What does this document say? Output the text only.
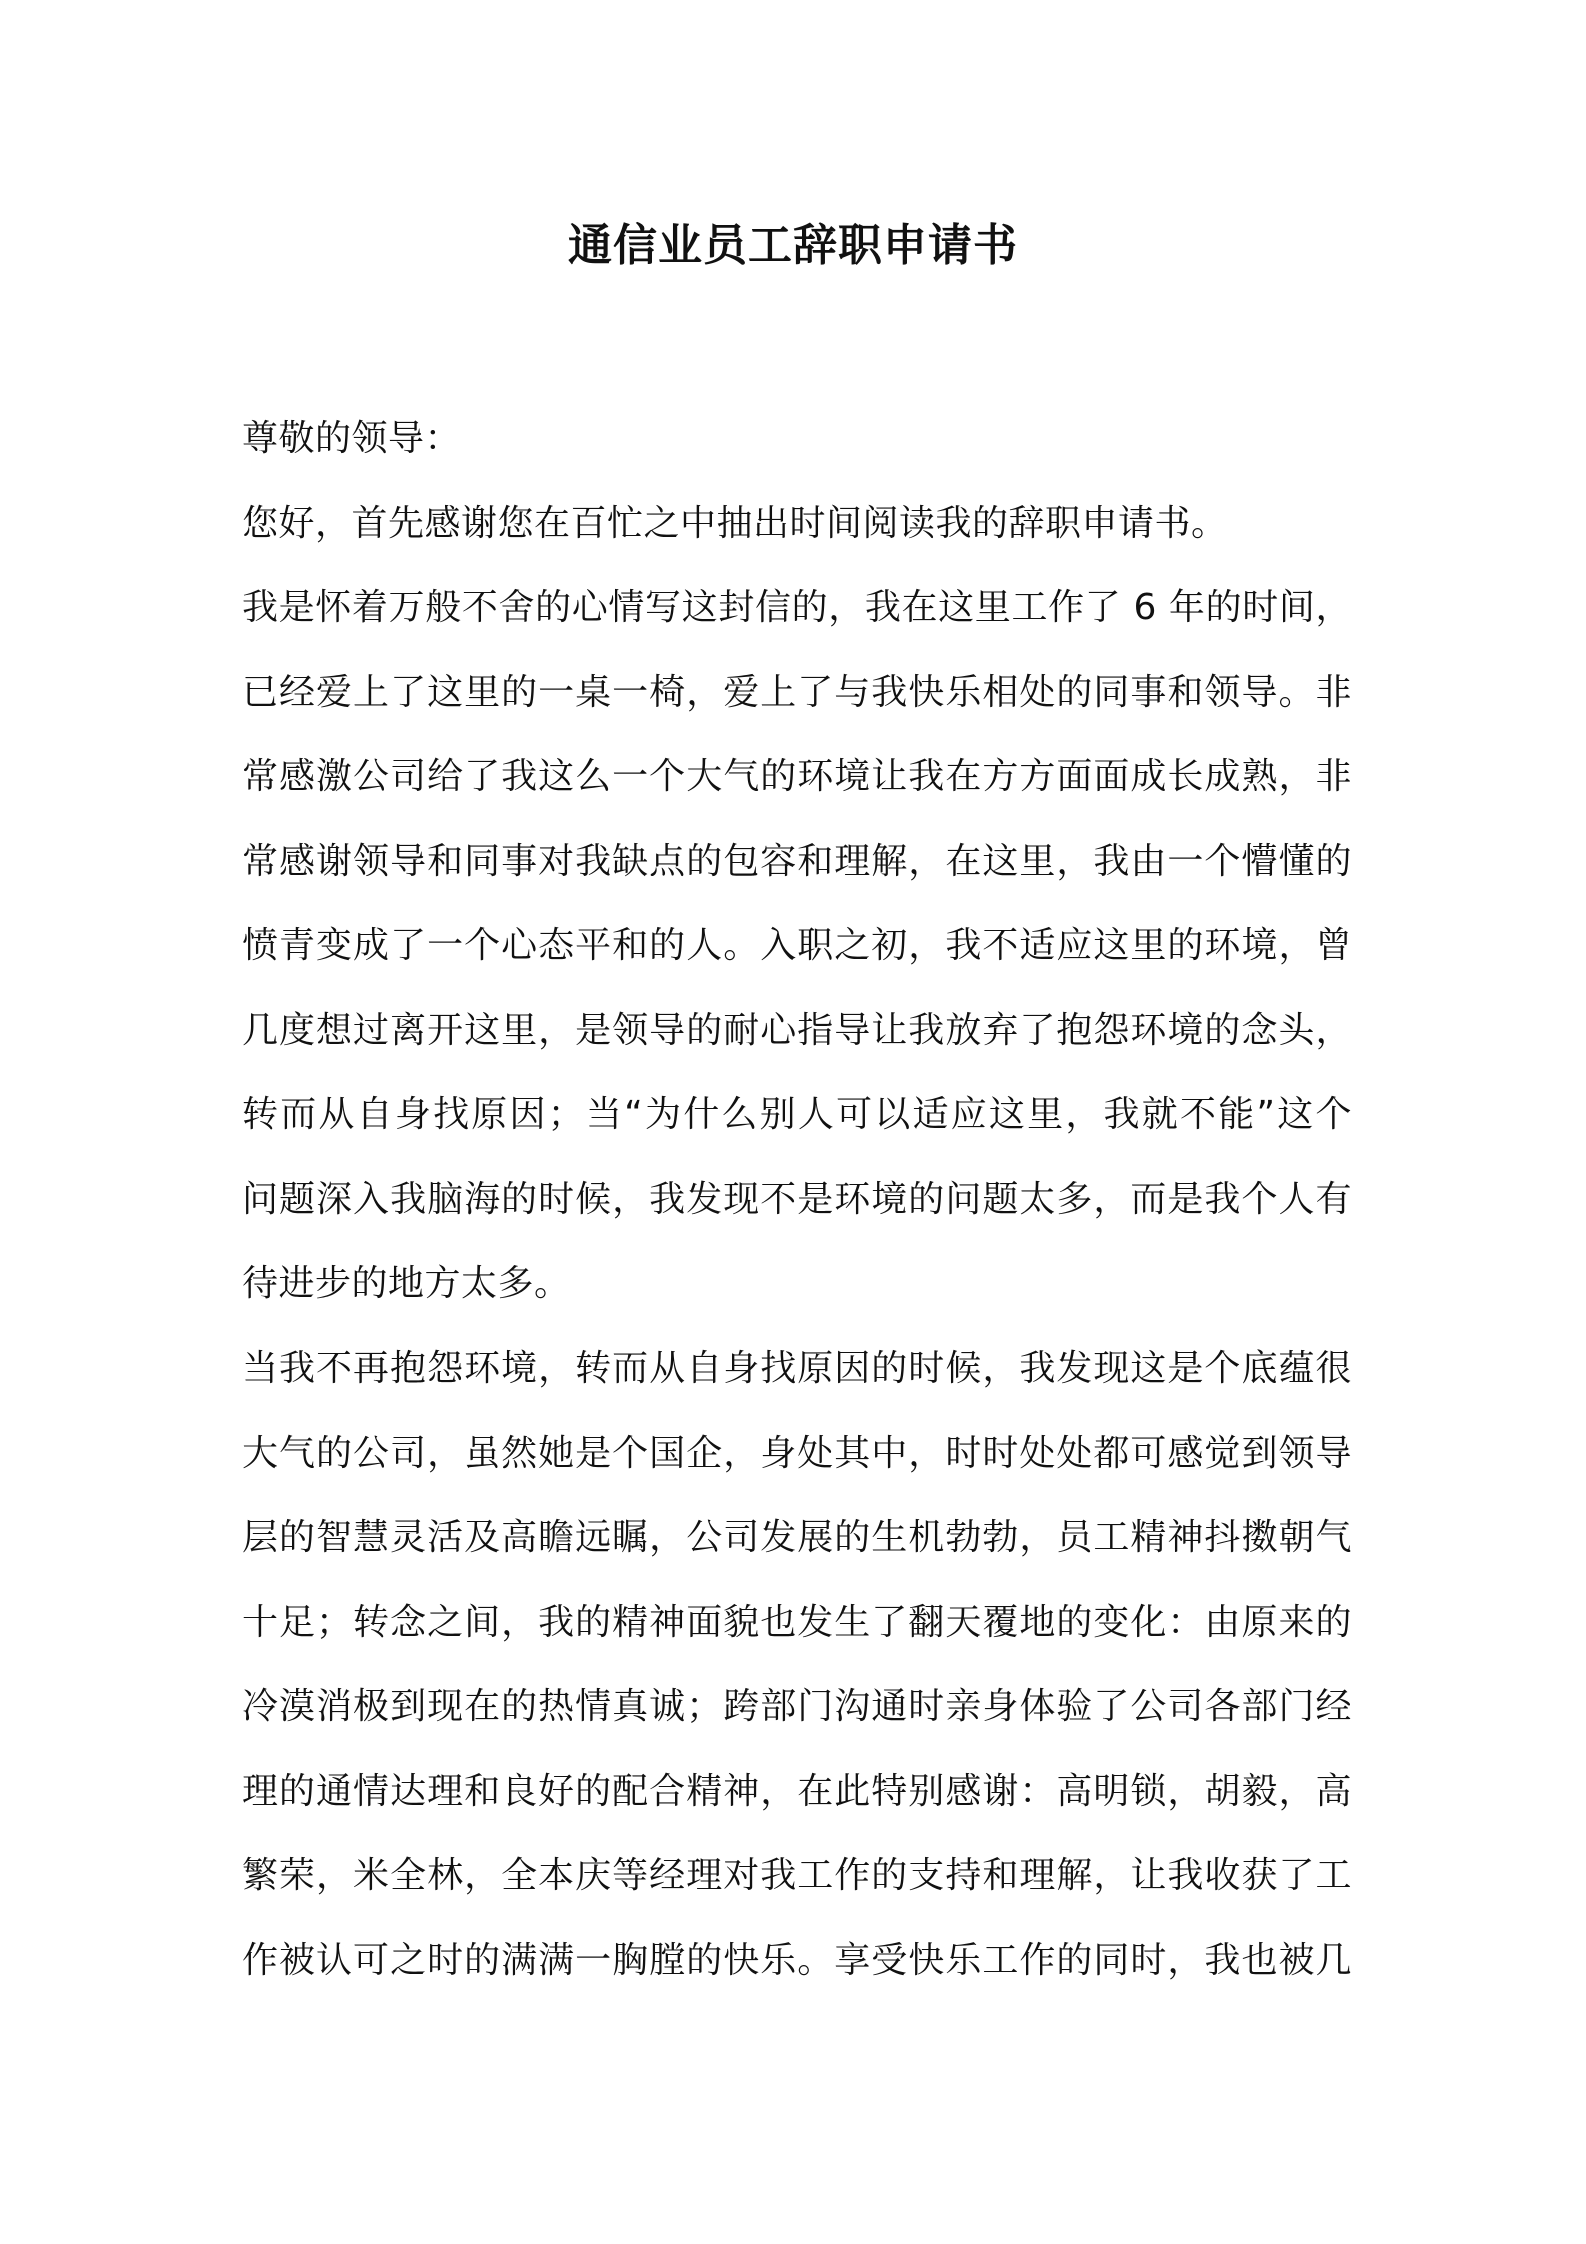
通信业员工辞职申请书
尊敬的领导：
您好，首先感谢您在百忙之中抽出时间阅读我的辞职申请书。
我是怀着万般不舍的心情写这封信的，我在这里工作了 6 年的时间，
已经爱上了这里的一桌一椅，爱上了与我快乐相处的同事和领导。非
常感激公司给了我这么一个大气的环境让我在方方面面成长成熟，非
常感谢领导和同事对我缺点的包容和理解，在这里，我由一个懵懂的
愤青变成了一个心态平和的人。入职之初，我不适应这里的环境，曾
几度想过离开这里，是领导的耐心指导让我放弃了抱怨环境的念头，
转而从自身找原因；当“为什么别人可以适应这里，我就不能”这个
问题深入我脑海的时候，我发现不是环境的问题太多，而是我个人有
待进步的地方太多。
当我不再抱怨环境，转而从自身找原因的时候，我发现这是个底蕴很
大气的公司，虽然她是个国企，身处其中，时时处处都可感觉到领导
层的智慧灵活及高瞻远瞩，公司发展的生机勃勃，员工精神抖擞朝气
十足；转念之间，我的精神面貌也发生了翻天覆地的变化：由原来的
冷漠消极到现在的热情真诚；跨部门沟通时亲身体验了公司各部门经
理的通情达理和良好的配合精神，在此特别感谢：高明锁，胡毅，高
繁荣，米全林，全本庆等经理对我工作的支持和理解，让我收获了工
作被认可之时的满满一胸膛的快乐。享受快乐工作的同时，我也被几
